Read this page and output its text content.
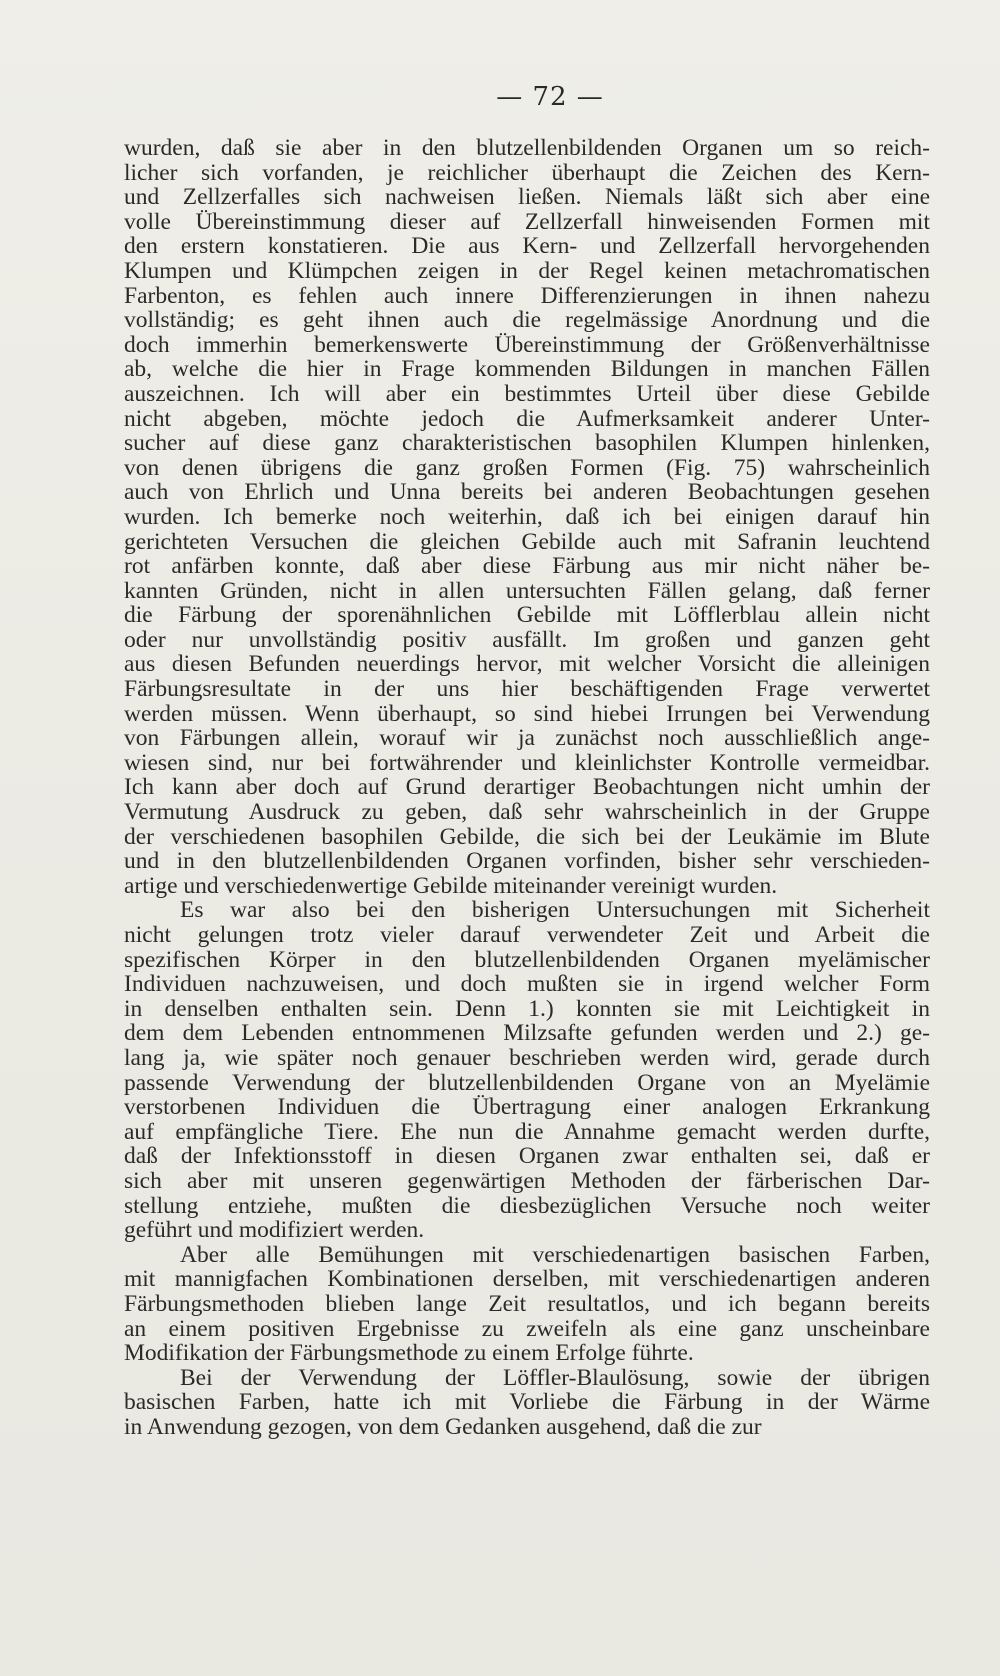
— 72 —
wurden, daß sie aber in den blutzellenbildenden Organen um so reich-
licher sich vorfanden, je reichlicher überhaupt die Zeichen des Kern-
und Zellzerfalles sich nachweisen ließen. Niemals läßt sich aber eine
volle Übereinstimmung dieser auf Zellzerfall hinweisenden Formen mit
den erstern konstatieren. Die aus Kern- und Zellzerfall hervorgehenden
Klumpen und Klümpchen zeigen in der Regel keinen metachromatischen
Farbenton, es fehlen auch innere Differenzierungen in ihnen nahezu
vollständig; es geht ihnen auch die regelmässige Anordnung und die
doch immerhin bemerkenswerte Übereinstimmung der Größenverhältnisse
ab, welche die hier in Frage kommenden Bildungen in manchen Fällen
auszeichnen. Ich will aber ein bestimmtes Urteil über diese Gebilde
nicht abgeben, möchte jedoch die Aufmerksamkeit anderer Unter-
sucher auf diese ganz charakteristischen basophilen Klumpen hinlenken,
von denen übrigens die ganz großen Formen (Fig. 75) wahrscheinlich
auch von Ehrlich und Unna bereits bei anderen Beobachtungen gesehen
wurden. Ich bemerke noch weiterhin, daß ich bei einigen darauf hin
gerichteten Versuchen die gleichen Gebilde auch mit Safranin leuchtend
rot anfärben konnte, daß aber diese Färbung aus mir nicht näher be-
kannten Gründen, nicht in allen untersuchten Fällen gelang, daß ferner
die Färbung der sporenähnlichen Gebilde mit Löfflerblau allein nicht
oder nur unvollständig positiv ausfällt. Im großen und ganzen geht
aus diesen Befunden neuerdings hervor, mit welcher Vorsicht die alleinigen
Färbungsresultate in der uns hier beschäftigenden Frage verwertet
werden müssen. Wenn überhaupt, so sind hiebei Irrungen bei Verwendung
von Färbungen allein, worauf wir ja zunächst noch ausschließlich ange-
wiesen sind, nur bei fortwährender und kleinlichster Kontrolle vermeidbar.
Ich kann aber doch auf Grund derartiger Beobachtungen nicht umhin der
Vermutung Ausdruck zu geben, daß sehr wahrscheinlich in der Gruppe
der verschiedenen basophilen Gebilde, die sich bei der Leukämie im Blute
und in den blutzellenbildenden Organen vorfinden, bisher sehr verschieden-
artige und verschiedenwertige Gebilde miteinander vereinigt wurden.
Es war also bei den bisherigen Untersuchungen mit Sicherheit
nicht gelungen trotz vieler darauf verwendeter Zeit und Arbeit die
spezifischen Körper in den blutzellenbildenden Organen myelämischer
Individuen nachzuweisen, und doch mußten sie in irgend welcher Form
in denselben enthalten sein. Denn 1.) konnten sie mit Leichtigkeit in
dem dem Lebenden entnommenen Milzsafte gefunden werden und 2.) ge-
lang ja, wie später noch genauer beschrieben werden wird, gerade durch
passende Verwendung der blutzellenbildenden Organe von an Myelämie
verstorbenen Individuen die Übertragung einer analogen Erkrankung
auf empfängliche Tiere. Ehe nun die Annahme gemacht werden durfte,
daß der Infektionsstoff in diesen Organen zwar enthalten sei, daß er
sich aber mit unseren gegenwärtigen Methoden der färberischen Dar-
stellung entziehe, mußten die diesbezüglichen Versuche noch weiter
geführt und modifiziert werden.
Aber alle Bemühungen mit verschiedenartigen basischen Farben,
mit mannigfachen Kombinationen derselben, mit verschiedenartigen anderen
Färbungsmethoden blieben lange Zeit resultatlos, und ich begann bereits
an einem positiven Ergebnisse zu zweifeln als eine ganz unscheinbare
Modifikation der Färbungsmethode zu einem Erfolge führte.
Bei der Verwendung der Löffler-Blaulösung, sowie der übrigen
basischen Farben, hatte ich mit Vorliebe die Färbung in der Wärme
in Anwendung gezogen, von dem Gedanken ausgehend, daß die zur
